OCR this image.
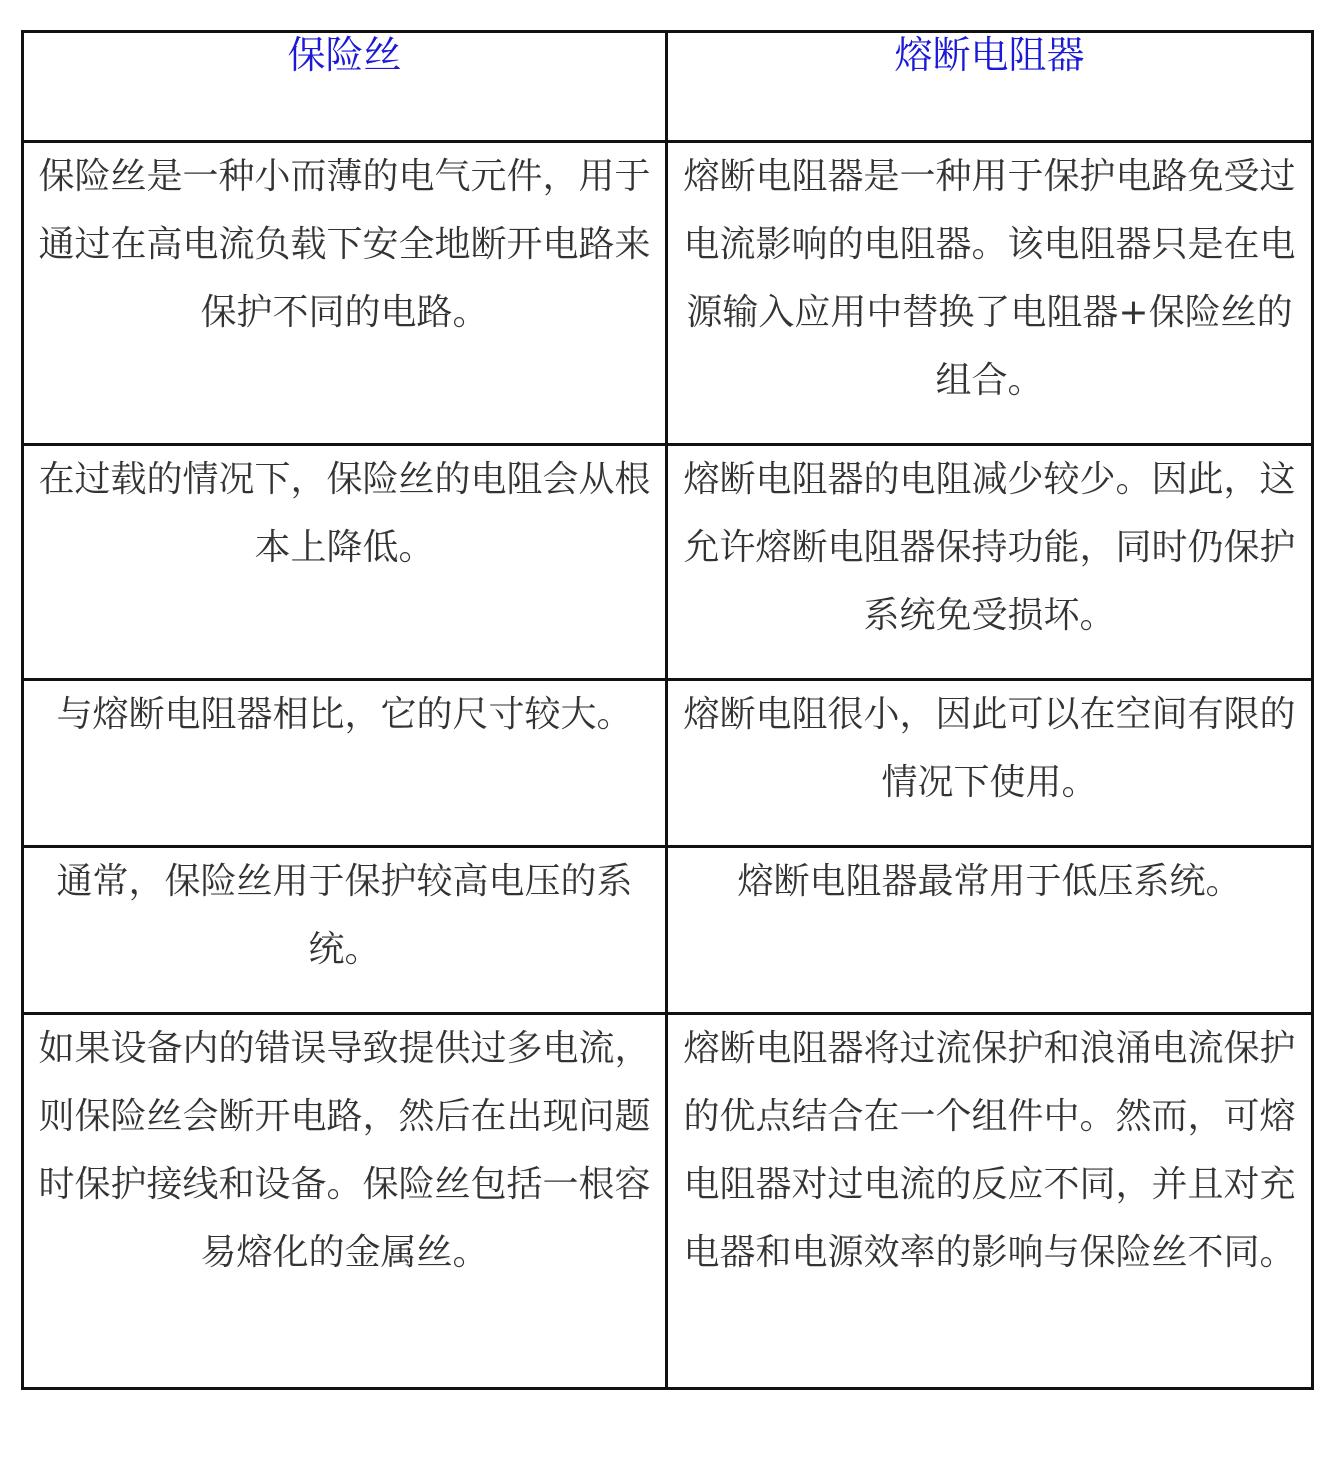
保险丝	熔断电阻器
保险丝是一种小而薄的电气元件，用于通过在高电流负载下安全地断开电路来保护不同的电路。	熔断电阻器是一种用于保护电路免受过电流影响的电阻器。该电阻器只是在电源输入应用中替换了电阻器+保险丝的组合。
在过载的情况下，保险丝的电阻会从根本上降低。	熔断电阻器的电阻减少较少。因此，这允许熔断电阻器保持功能，同时仍保护系统免受损坏。
与熔断电阻器相比，它的尺寸较大。	熔断电阻很小，因此可以在空间有限的情况下使用。
通常，保险丝用于保护较高电压的系统。	熔断电阻器最常用于低压系统。
如果设备内的错误导致提供过多电流，则保险丝会断开电路，然后在出现问题时保护接线和设备。保险丝包括一根容易熔化的金属丝。	熔断电阻器将过流保护和浪涌电流保护的优点结合在一个组件中。然而，可熔电阻器对过电流的反应不同，并且对充电器和电源效率的影响与保险丝不同。
